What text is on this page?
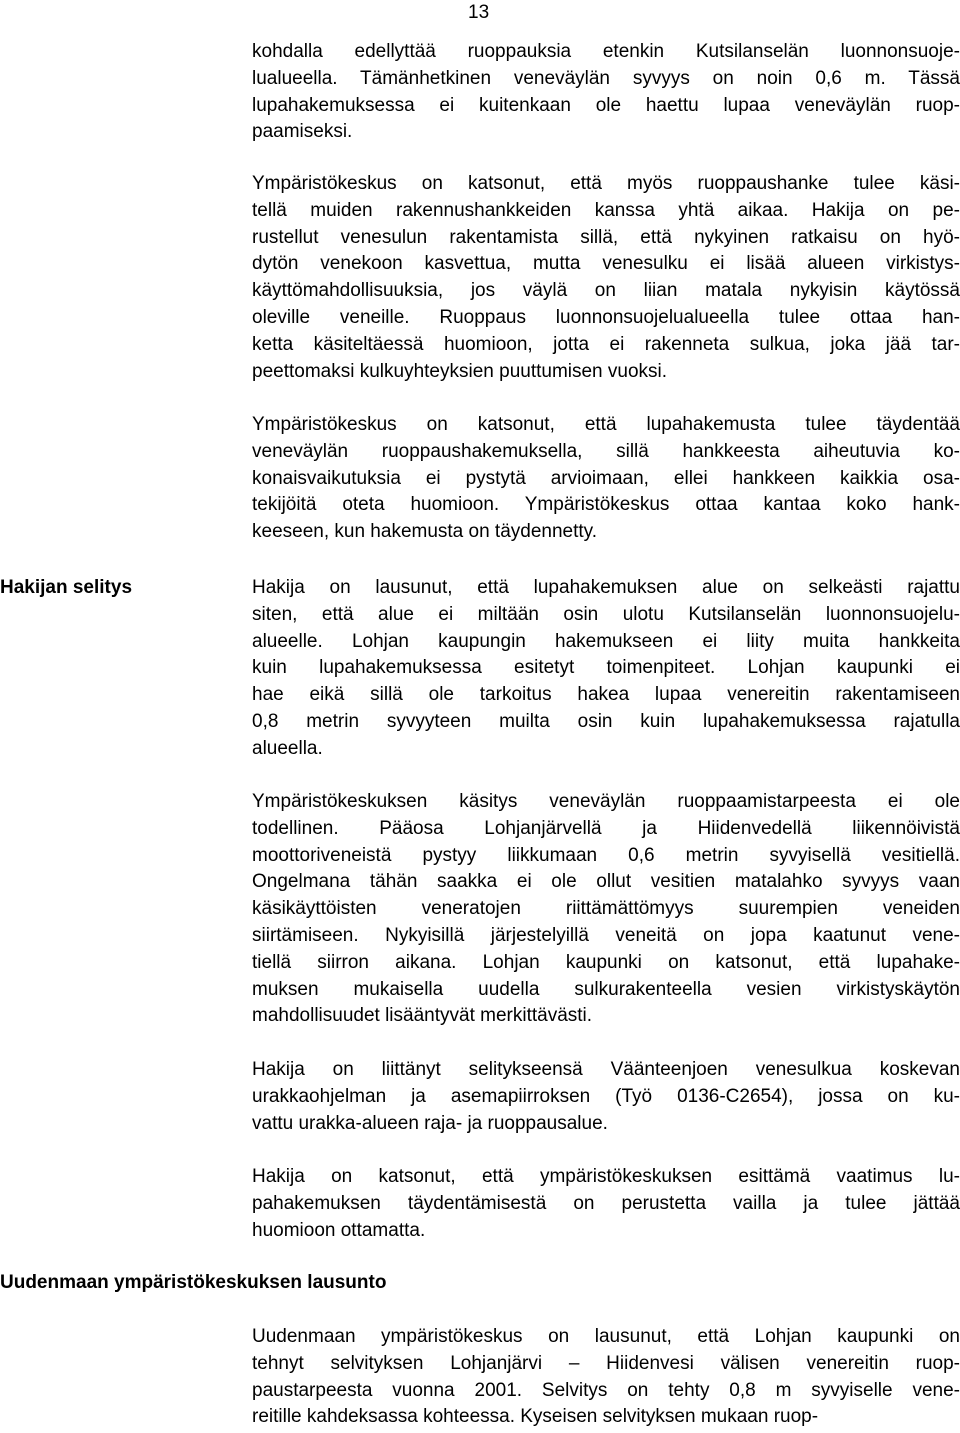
13
Hakijan selitys
Uudenmaan ympäristökeskuksen lausunto
kohdalla edellyttää ruoppauksia etenkin Kutsilanselän luonnonsuoje-
lualueella. Tämänhetkinen veneväylän syvyys on noin 0,6 m. Tässä
lupahakemuksessa ei kuitenkaan ole haettu lupaa veneväylän ruop-
paamiseksi.
Ympäristökeskus on katsonut, että myös ruoppaushanke tulee käsi-
tellä muiden rakennushankkeiden kanssa yhtä aikaa. Hakija on pe-
rustellut venesulun rakentamista sillä, että nykyinen ratkaisu on hyö-
dytön venekoon kasvettua, mutta venesulku ei lisää alueen virkistys-
käyttömahdollisuuksia, jos väylä on liian matala nykyisin käytössä
oleville veneille. Ruoppaus luonnonsuojelualueella tulee ottaa han-
ketta käsiteltäessä huomioon, jotta ei rakenneta sulkua, joka jää tar-
peettomaksi kulkuyhteyksien puuttumisen vuoksi.
Ympäristökeskus on katsonut, että lupahakemusta tulee täydentää
veneväylän ruoppaushakemuksella, sillä hankkeesta aiheutuvia ko-
konaisvaikutuksia ei pystytä arvioimaan, ellei hankkeen kaikkia osa-
tekijöitä oteta huomioon. Ympäristökeskus ottaa kantaa koko hank-
keeseen, kun hakemusta on täydennetty.
Hakija on lausunut, että lupahakemuksen alue on selkeästi rajattu
siten, että alue ei miltään osin ulotu Kutsilanselän luonnonsuojelu-
alueelle. Lohjan kaupungin hakemukseen ei liity muita hankkeita
kuin lupahakemuksessa esitetyt toimenpiteet. Lohjan kaupunki ei
hae eikä sillä ole tarkoitus hakea lupaa venereitin rakentamiseen
0,8 metrin syvyyteen muilta osin kuin lupahakemuksessa rajatulla
alueella.
Ympäristökeskuksen käsitys veneväylän ruoppaamistarpeesta ei ole
todellinen. Pääosa Lohjanjärvellä ja Hiidenvedellä liikennöivistä
moottoriveneistä pystyy liikkumaan 0,6 metrin syvyisellä vesitiellä.
Ongelmana tähän saakka ei ole ollut vesitien matalahko syvyys vaan
käsikäyttöisten veneratojen riittämättömyys suurempien veneiden
siirtämiseen. Nykyisillä järjestelyillä veneitä on jopa kaatunut vene-
tiellä siirron aikana. Lohjan kaupunki on katsonut, että lupahake-
muksen mukaisella uudella sulkurakenteella vesien virkistyskäytön
mahdollisuudet lisääntyvät merkittävästi.
Hakija on liittänyt selitykseensä Väänteenjoen venesulkua koskevan
urakkaohjelman ja asemapiirroksen (Työ 0136-C2654), jossa on ku-
vattu urakka-alueen raja- ja ruoppausalue.
Hakija on katsonut, että ympäristökeskuksen esittämä vaatimus lu-
pahakemuksen täydentämisestä on perustetta vailla ja tulee jättää
huomioon ottamatta.
Uudenmaan ympäristökeskus on lausunut, että Lohjan kaupunki on
tehnyt selvityksen Lohjanjärvi – Hiidenvesi välisen venereitin ruop-
paustarpeesta vuonna 2001. Selvitys on tehty 0,8 m syvyiselle vene-
reitille kahdeksassa kohteessa. Kyseisen selvityksen mukaan ruop-
